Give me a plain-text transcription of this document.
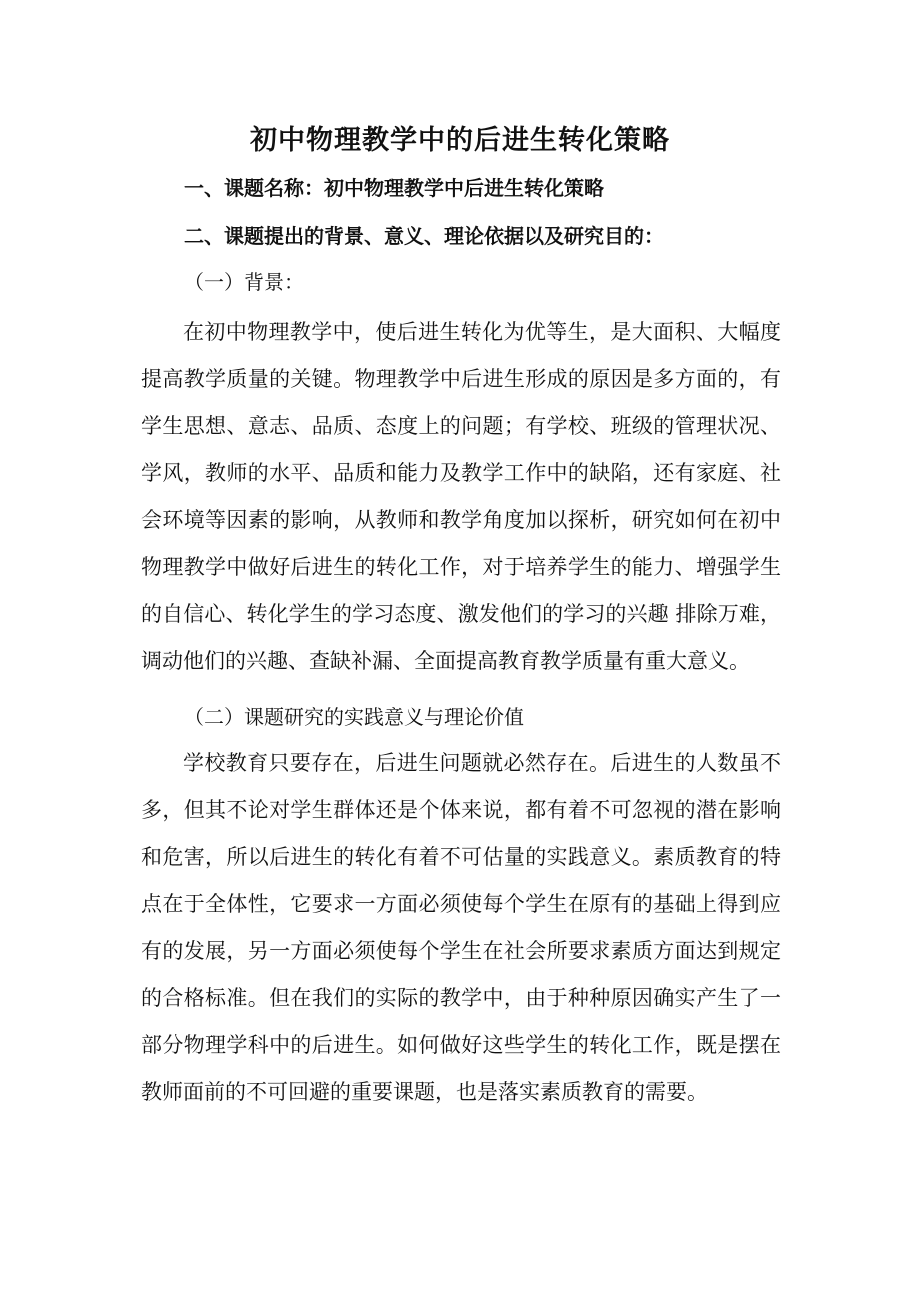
初中物理教学中的后进生转化策略

一、课题名称：初中物理教学中后进生转化策略

二、课题提出的背景、意义、理论依据以及研究目的：

（一）背景：

在初中物理教学中，使后进生转化为优等生，是大面积、大幅度提高教学质量的关键。物理教学中后进生形成的原因是多方面的，有学生思想、意志、品质、态度上的问题；有学校、班级的管理状况、学风，教师的水平、品质和能力及教学工作中的缺陷，还有家庭、社会环境等因素的影响，从教师和教学角度加以探析，研究如何在初中物理教学中做好后进生的转化工作，对于培养学生的能力、增强学生的自信心、转化学生的学习态度、激发他们的学习的兴趣 排除万难，调动他们的兴趣、查缺补漏、全面提高教育教学质量有重大意义。

（二）课题研究的实践意义与理论价值

学校教育只要存在，后进生问题就必然存在。后进生的人数虽不多，但其不论对学生群体还是个体来说，都有着不可忽视的潜在影响和危害，所以后进生的转化有着不可估量的实践意义。素质教育的特点在于全体性，它要求一方面必须使每个学生在原有的基础上得到应有的发展，另一方面必须使每个学生在社会所要求素质方面达到规定的合格标准。但在我们的实际的教学中，由于种种原因确实产生了一部分物理学科中的后进生。如何做好这些学生的转化工作，既是摆在教师面前的不可回避的重要课题，也是落实素质教育的需要。
